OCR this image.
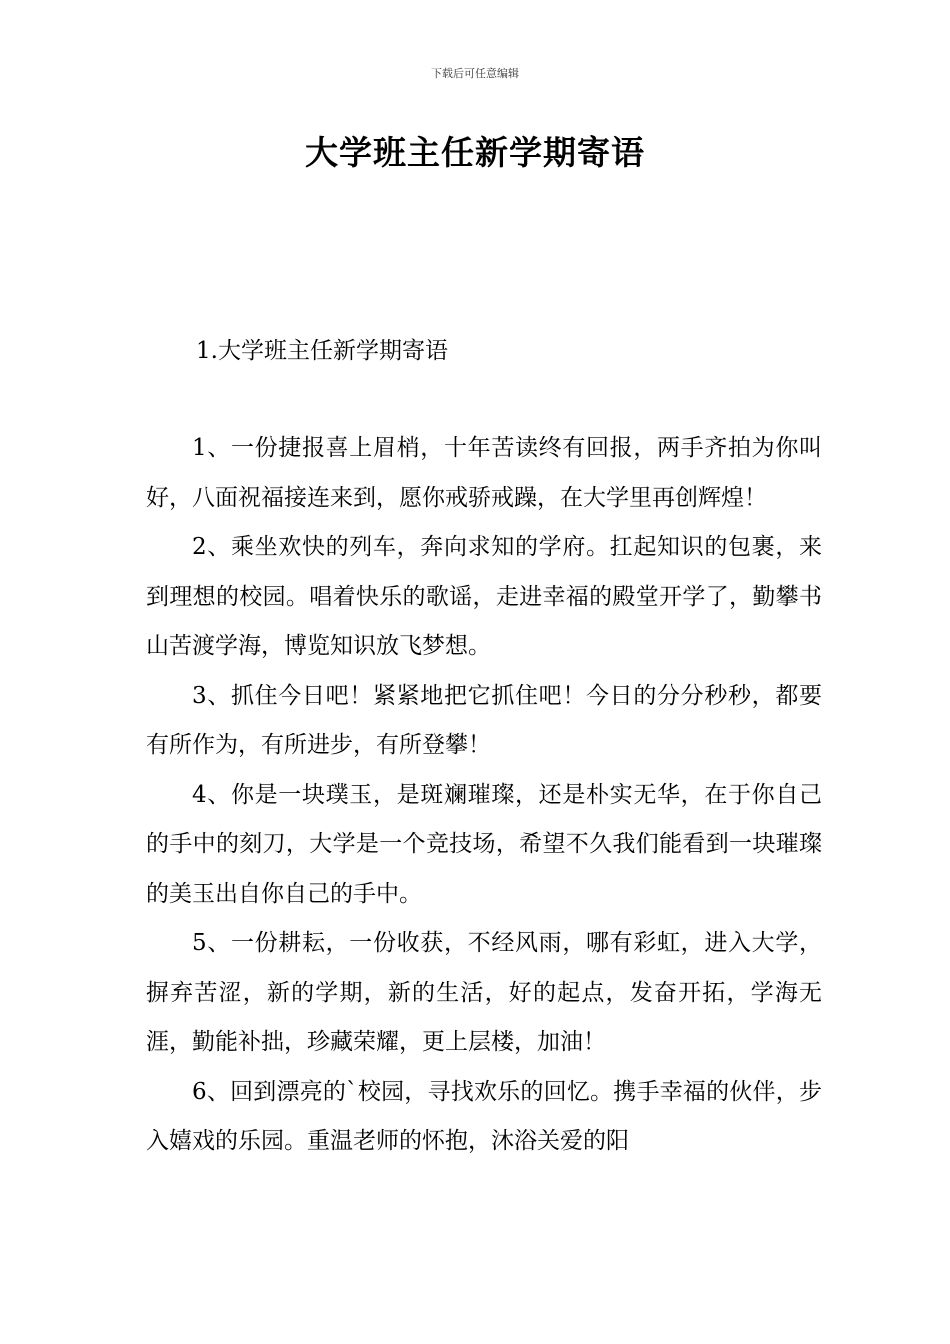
下载后可任意编辑
大学班主任新学期寄语
1.大学班主任新学期寄语

1、一份捷报喜上眉梢，十年苦读终有回报，两手齐拍为你叫好，八面祝福接连来到，愿你戒骄戒躁，在大学里再创辉煌！

2、乘坐欢快的列车，奔向求知的学府。扛起知识的包裹，来到理想的校园。唱着快乐的歌谣，走进幸福的殿堂开学了，勤攀书山苦渡学海，博览知识放飞梦想。

3、抓住今日吧！紧紧地把它抓住吧！今日的分分秒秒，都要有所作为，有所进步，有所登攀！

4、你是一块璞玉，是斑斓璀璨，还是朴实无华，在于你自己的手中的刻刀，大学是一个竞技场，希望不久我们能看到一块璀璨的美玉出自你自己的手中。

5、一份耕耘，一份收获，不经风雨，哪有彩虹，进入大学，摒弃苦涩，新的学期，新的生活，好的起点，发奋开拓，学海无涯，勤能补拙，珍藏荣耀，更上层楼，加油！

6、回到漂亮的`校园，寻找欢乐的回忆。携手幸福的伙伴，步入嬉戏的乐园。重温老师的怀抱，沐浴关爱的阳
